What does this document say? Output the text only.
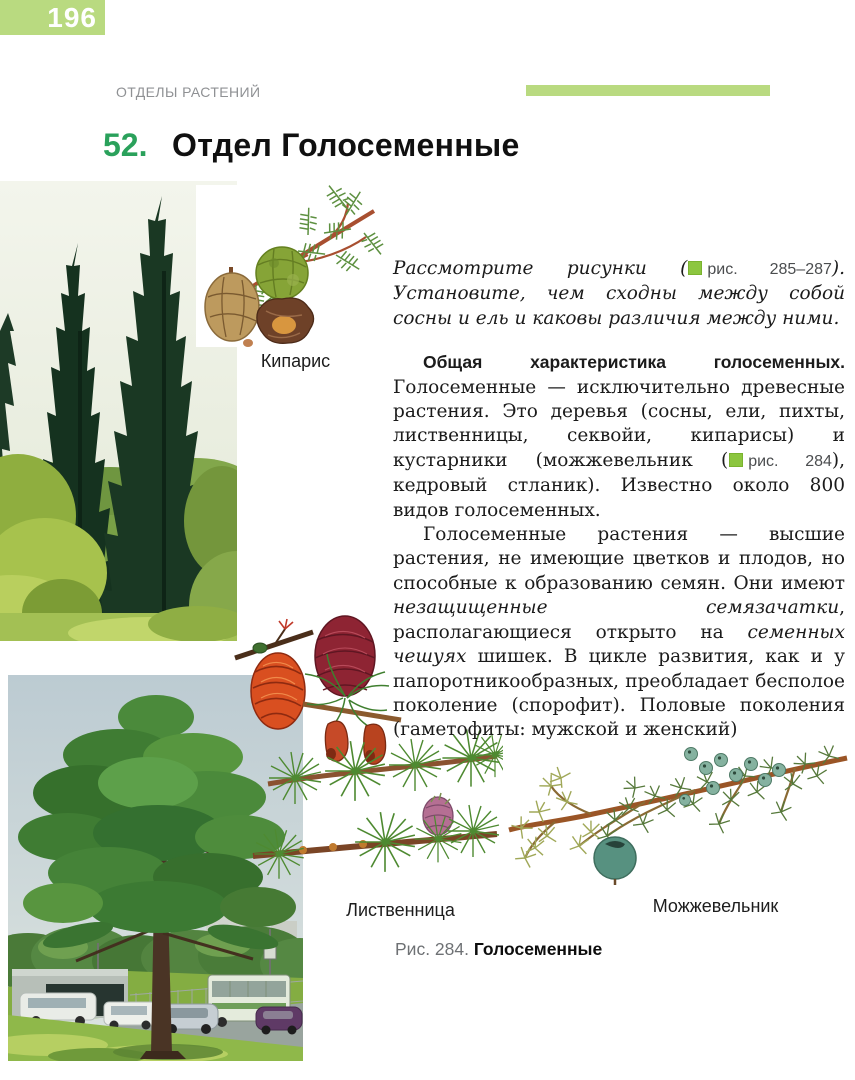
196
ОТДЕЛЫ РАСТЕНИЙ
52. Отдел Голосеменные
Кипарис
Лиственница	Можжевельник
Рис. 284. Голосеменные

Рассмотрите рисунки ( рис. 285–287). Установите, чем сходны между собой сосны и ель и каковы различия между ними.

Общая характеристика голосеменных. Голосеменные — исключительно древесные растения. Это деревья (сосны, ели, пихты, лиственницы, секвойи, кипарисы) и кустарники (можжевельник ( рис. 284), кедровый стланик). Известно около 800 видов голосеменных.

Голосеменные растения — высшие растения, не имеющие цветков и плодов, но способные к образованию семян. Они имеют незащищенные семязачатки, располагающиеся открыто на семенных чешуях шишек. В цикле развития, как и у папоротникообразных, преобладает бесполое поколение (спорофит). Половые поколения (гаметофиты: мужской и женский)
